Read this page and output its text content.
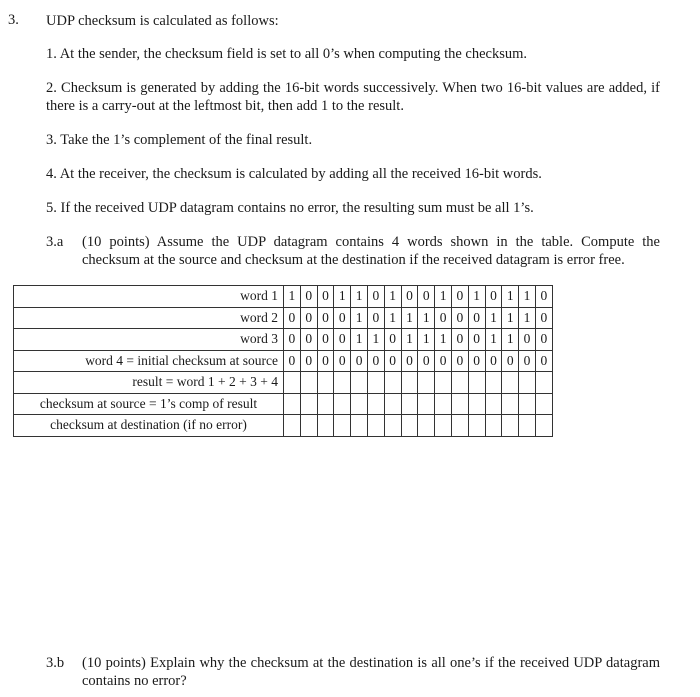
3. UDP checksum is calculated as follows:
1. At the sender, the checksum field is set to all 0’s when computing the checksum.
2. Checksum is generated by adding the 16-bit words successively. When two 16-bit values are added, if there is a carry-out at the leftmost bit, then add 1 to the result.
3. Take the 1’s complement of the final result.
4. At the receiver, the checksum is calculated by adding all the received 16-bit words.
5. If the received UDP datagram contains no error, the resulting sum must be all 1’s.
3.a (10 points) Assume the UDP datagram contains 4 words shown in the table. Compute the checksum at the source and checksum at the destination if the received datagram is error free.
word 1	1	0	0	1	1	0	1	0	0	1	0	1	0	1	1	0
word 2	0	0	0	0	1	0	1	1	1	0	0	0	1	1	1	0
word 3	0	0	0	0	1	1	0	1	1	1	0	0	1	1	0	0
word 4 = initial checksum at source	0	0	0	0	0	0	0	0	0	0	0	0	0	0	0	0
result = word 1 + 2 + 3 + 4																
checksum at source = 1’s comp of result																
checksum at destination (if no error)																
3.b (10 points) Explain why the checksum at the destination is all one’s if the received UDP datagram contains no error?
